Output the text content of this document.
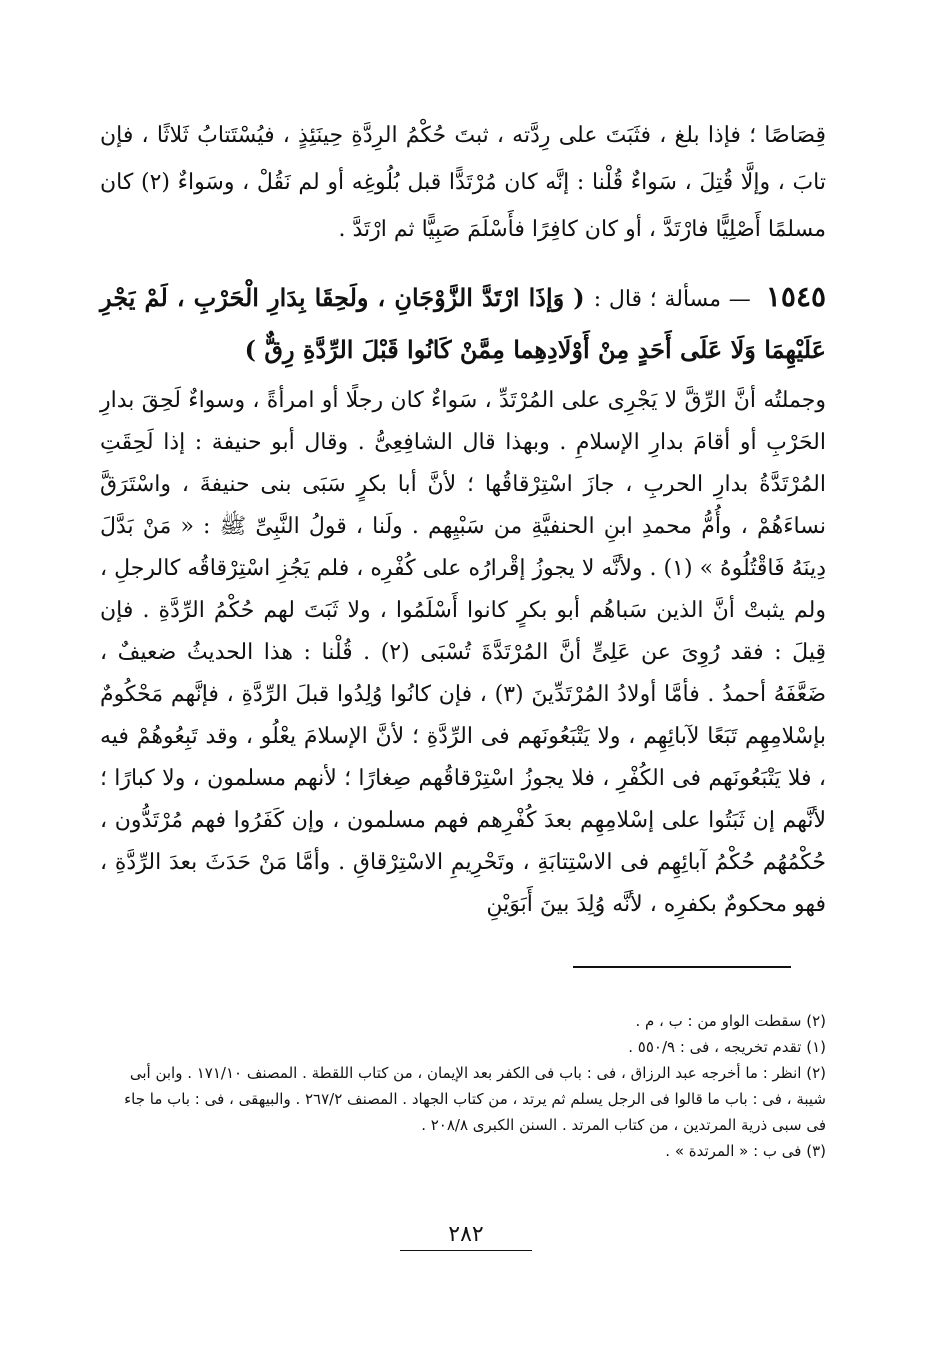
قِصَاصًا ؛ فإذا بلغ ، فثَبَتَ على رِدَّته ، ثبتَ حُكْمُ الرِدَّةِ حِينَئِذٍ ، فيُسْتَتابُ ثَلاثًا ، فإن تابَ ، وإلَّا قُتِلَ ، سَواءٌ قُلْنا : إنَّه كان مُرْتَدًّا قبل بُلُوغِه أو لم نَقُلْ ، وسَواءٌ (٢) كان مسلمًا أَصْلِيًّا فارْتَدَّ ، أو كان كافِرًا فأَسْلَمَ صَبِيًّا ثم ارْتَدَّ .

١٥٤٥ — مسألة ؛ قال : ( وَإذَا ارْتَدَّ الزَّوْجَانِ ، ولَحِقَا بِدَارِ الْحَرْبِ ، لَمْ يَجْرِ عَلَيْهِمَا وَلَا عَلَى أَحَدٍ مِنْ أَوْلَادِهِما مِمَّنْ كَانُوا قَبْلَ الرِّدَّةِ رِقٌّ )

وجملتُه أنَّ الرِّقَّ لا يَجْرِى على المُرْتَدِّ ، سَواءٌ كان رجلًا أو امرأةً ، وسواءٌ لَحِقَ بدارِ الحَرْبِ أو أقامَ بدارِ الإسلامِ . وبهذا قال الشافِعِىُّ . وقال أبو حنيفة : إذا لَحِقَتِ المُرْتَدَّةُ بدارِ الحربِ ، جازَ اسْتِرْقاقُها ؛ لأنَّ أبا بكرٍ سَبَى بنى حنيفةَ ، واسْتَرَقَّ نساءَهُمْ ، وأُمُّ محمدِ ابنِ الحنفيَّةِ من سَبْيِهم . ولَنا ، قولُ النَّبِىِّ ﷺ : « مَنْ بَدَّلَ دِينَهُ فَاقْتُلُوهُ » (١) . ولأنَّه لا يجوزُ إقْرارُه على كُفْرِه ، فلم يَجُزِ اسْتِرْقاقُه كالرجلِ ، ولم يثبتْ أنَّ الذين سَباهُم أبو بكرٍ كانوا أَسْلَمُوا ، ولا ثَبَتَ لهم حُكْمُ الرِّدَّةِ . فإن قِيلَ : فقد رُوِىَ عن عَلِىٍّ أنَّ المُرْتَدَّةَ تُسْبَى (٢) . قُلْنا : هذا الحديثُ ضعيفٌ ، ضَعَّفَهُ أحمدُ . فأمَّا أولادُ المُرْتَدِّينَ (٣) ، فإن كانُوا وُلِدُوا قبلَ الرِّدَّةِ ، فإنَّهم مَحْكُومٌ بإسْلامِهِم تَبَعًا لآبائِهِم ، ولا يَتْبَعُونَهم فى الرِّدَّةِ ؛ لأنَّ الإسلامَ يعْلُو ، وقد تَبِعُوهُمْ فيه ، فلا يَتْبَعُونَهم فى الكُفْرِ ، فلا يجوزُ اسْتِرْقاقُهم صِغارًا ؛ لأنهم مسلمون ، ولا كبارًا ؛ لأنَّهم إن ثَبَتُوا على إسْلامِهِم بعدَ كُفْرِهم فهم مسلمون ، وإن كَفَرُوا فهم مُرْتَدُّون ، حُكْمُهُم حُكْمُ آبائِهِم فى الاسْتِتابَةِ ، وتَحْرِيمِ الاسْتِرْقاقِ . وأمَّا مَنْ حَدَثَ بعدَ الرِّدَّةِ ، فهو محكومٌ بكفرِه ، لأنَّه وُلِدَ بينَ أَبَوَيْنِ

(٢) سقطت الواو من : ب ، م .
(١) تقدم تخريجه ، فى : ٥٥٠/٩ .
(٢) انظر : ما أخرجه عبد الرزاق ، فى : باب فى الكفر بعد الإيمان ، من كتاب اللقطة . المصنف ١٧١/١٠ . وابن أبى شيبة ، فى : باب ما قالوا فى الرجل يسلم ثم يرتد ، من كتاب الجهاد . المصنف ٢٦٧/٢ . والبيهقى ، فى : باب ما جاء فى سبى ذرية المرتدين ، من كتاب المرتد . السنن الكبرى ٢٠٨/٨ .
(٣) فى ب : « المرتدة » .
٢٨٢
